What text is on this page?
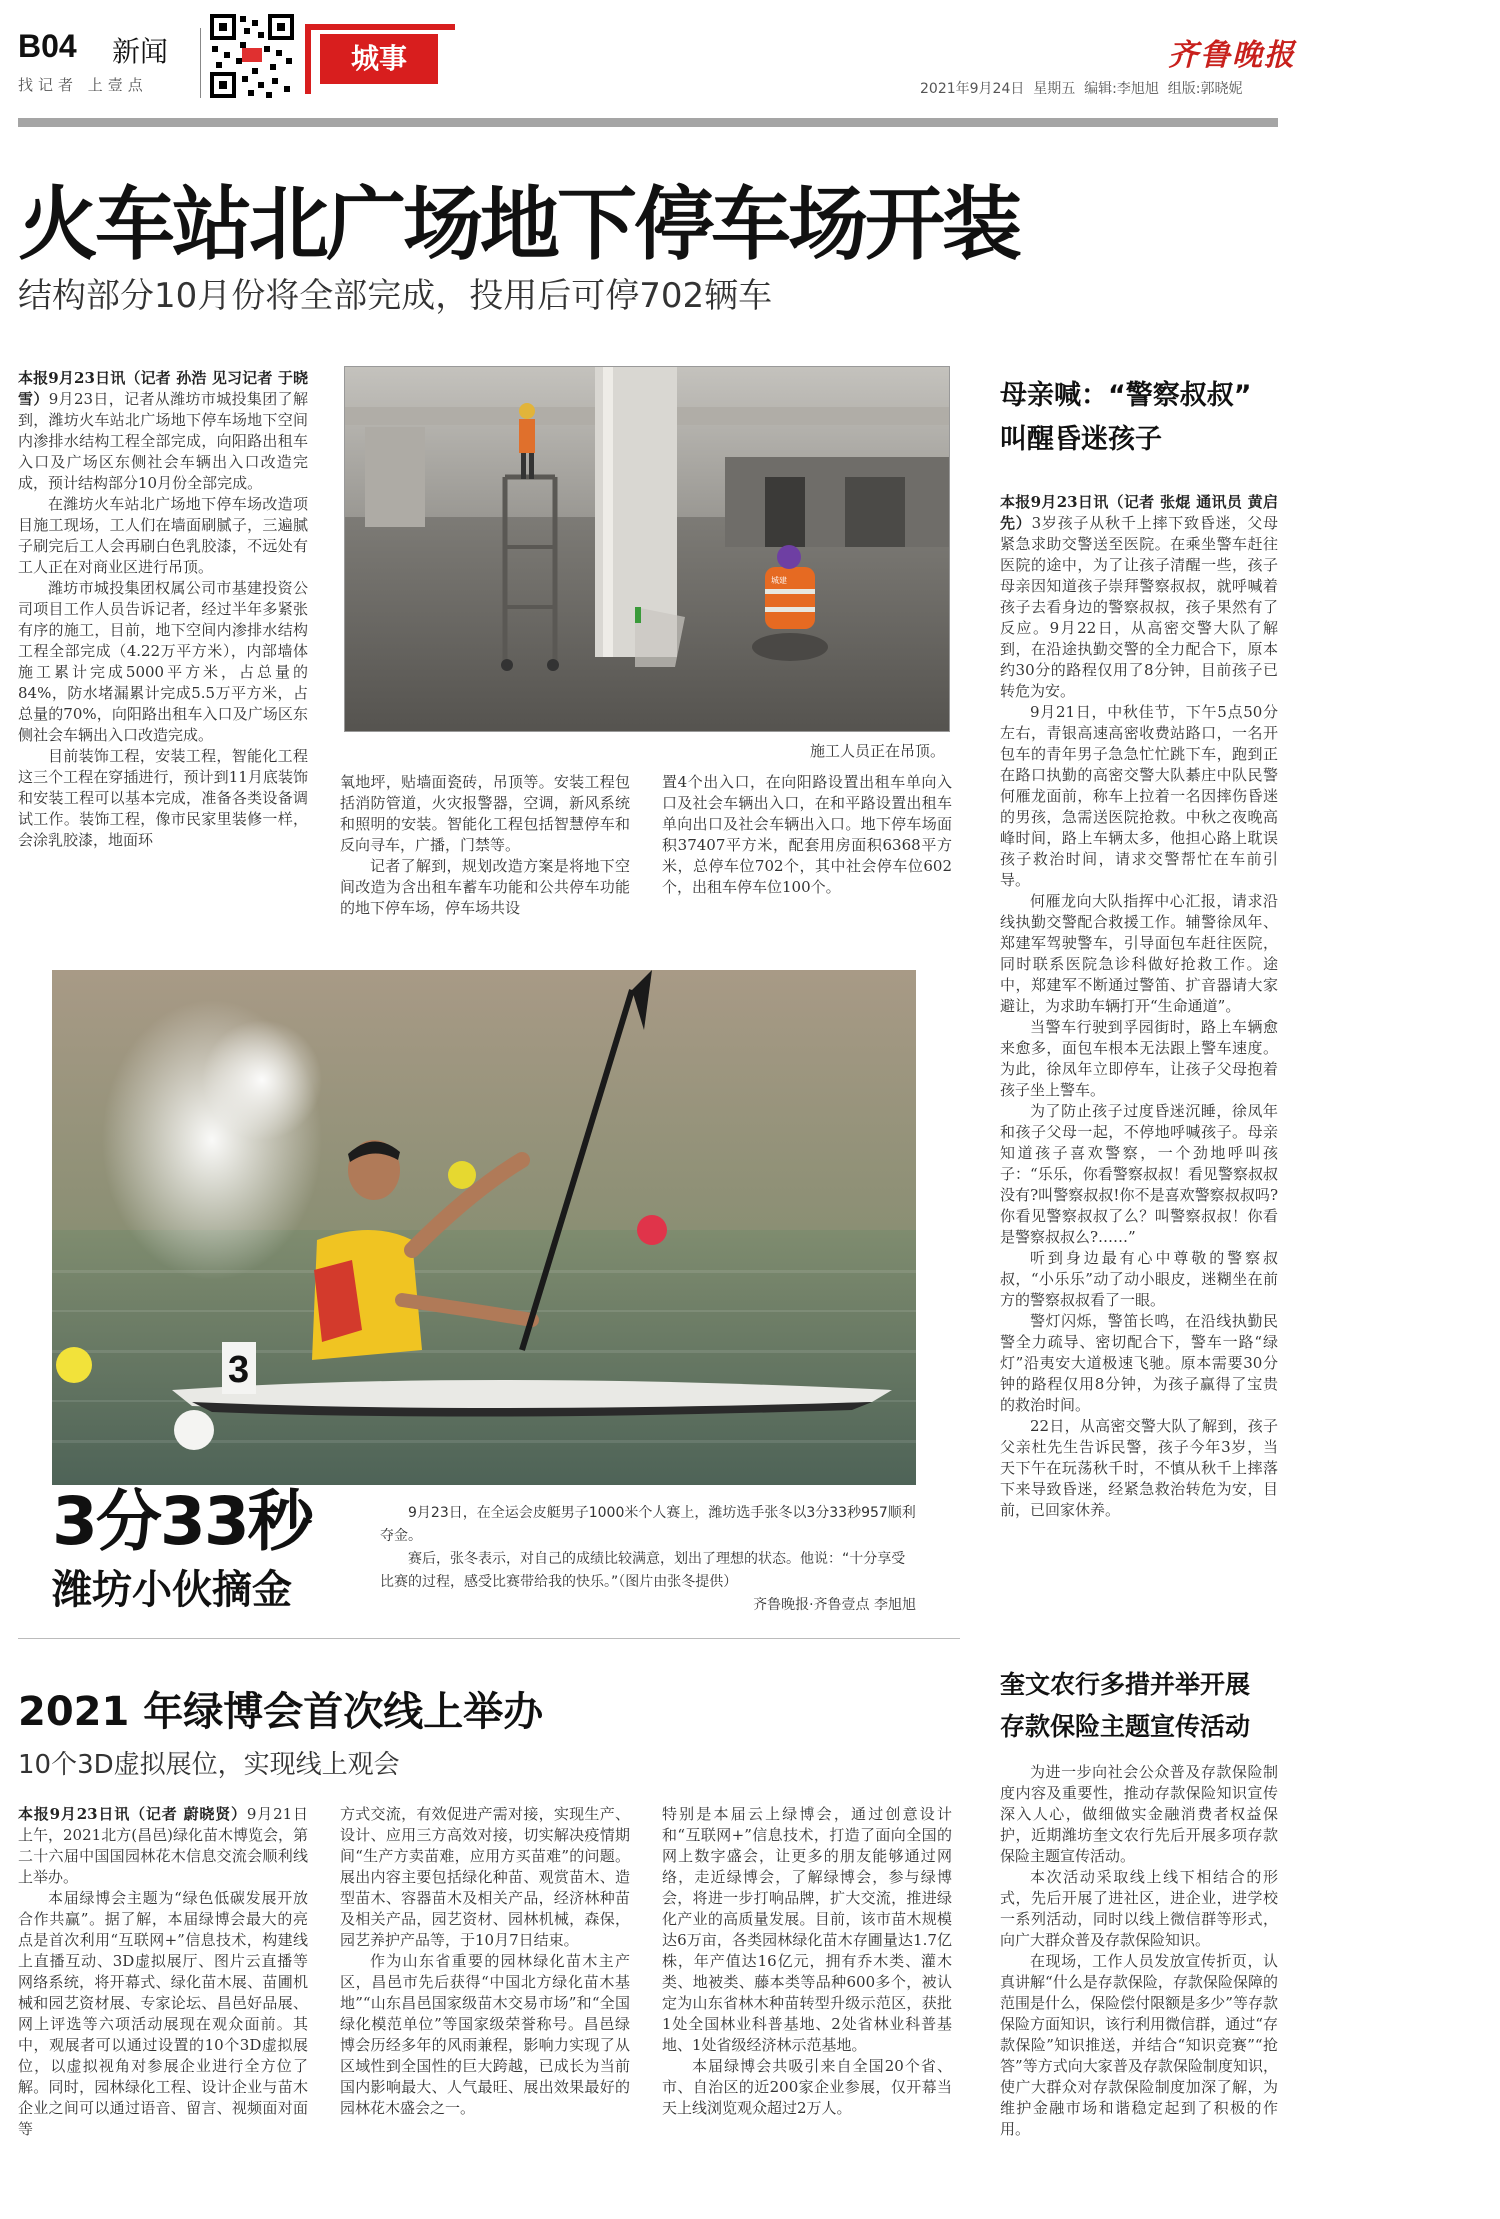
B04 新闻
找记者 上壹点
城事
2021年9月24日  星期五  编辑:李旭旭  组版:郭晓妮
齐鲁晚报
火车站北广场地下停车场开装
结构部分10月份将全部完成，投用后可停702辆车

本报9月23日讯（记者 孙浩 见习记者 于晓雪）9月23日，记者从潍坊市城投集团了解到，潍坊火车站北广场地下停车场地下空间内渗排水结构工程全部完成，向阳路出租车入口及广场区东侧社会车辆出入口改造完成，预计结构部分10月份全部完成。

在潍坊火车站北广场地下停车场改造项目施工现场，工人们在墙面刷腻子，三遍腻子刷完后工人会再刷白色乳胶漆，不远处有工人正在对商业区进行吊顶。

潍坊市城投集团权属公司市基建投资公司项目工作人员告诉记者，经过半年多紧张有序的施工，目前，地下空间内渗排水结构工程全部完成（4.22万平方米），内部墙体施工累计完成5000平方米，占总量的84%，防水堵漏累计完成5.5万平方米，占总量的70%，向阳路出租车入口及广场区东侧社会车辆出入口改造完成。

目前装饰工程，安装工程，智能化工程这三个工程在穿插进行，预计到11月底装饰和安装工程可以基本完成，准备各类设备调试工作。装饰工程，像市民家里装修一样，会涂乳胶漆，地面环

城建
施工人员正在吊顶。

氧地坪，贴墙面瓷砖，吊顶等。安装工程包括消防管道，火灾报警器，空调，新风系统和照明的安装。智能化工程包括智慧停车和反向寻车，广播，门禁等。

记者了解到，规划改造方案是将地下空间改造为含出租车蓄车功能和公共停车功能的地下停车场，停车场共设

置4个出入口，在向阳路设置出租车单向入口及社会车辆出入口，在和平路设置出租车单向出口及社会车辆出入口。地下停车场面积37407平方米，配套用房面积6368平方米，总停车位702个，其中社会停车位602个，出租车停车位100个。

母亲喊：“警察叔叔”
叫醒昏迷孩子

本报9月23日讯（记者 张焜 通讯员 黄启先）3岁孩子从秋千上摔下致昏迷，父母紧急求助交警送至医院。在乘坐警车赶往医院的途中，为了让孩子清醒一些，孩子母亲因知道孩子崇拜警察叔叔，就呼喊着孩子去看身边的警察叔叔，孩子果然有了反应。9月22日，从高密交警大队了解到，在沿途执勤交警的全力配合下，原本约30分的路程仅用了8分钟，目前孩子已转危为安。

9月21日，中秋佳节，下午5点50分左右，青银高速高密收费站路口，一名开包车的青年男子急急忙忙跳下车，跑到正在路口执勤的高密交警大队綦庄中队民警何雁龙面前，称车上拉着一名因摔伤昏迷的男孩，急需送医院抢救。中秋之夜晚高峰时间，路上车辆太多，他担心路上耽误孩子救治时间，请求交警帮忙在车前引导。

何雁龙向大队指挥中心汇报，请求沿线执勤交警配合救援工作。辅警徐凤年、郑建军驾驶警车，引导面包车赶往医院，同时联系医院急诊科做好抢救工作。途中，郑建军不断通过警笛、扩音器请大家避让，为求助车辆打开“生命通道”。

当警车行驶到孚园街时，路上车辆愈来愈多，面包车根本无法跟上警车速度。为此，徐凤年立即停车，让孩子父母抱着孩子坐上警车。

为了防止孩子过度昏迷沉睡，徐凤年和孩子父母一起，不停地呼喊孩子。母亲知道孩子喜欢警察，一个劲地呼叫孩子：“乐乐，你看警察叔叔！看见警察叔叔没有?叫警察叔叔!你不是喜欢警察叔叔吗?你看见警察叔叔了么？叫警察叔叔！你看是警察叔叔么?……”

听到身边最有心中尊敬的警察叔叔，“小乐乐”动了动小眼皮，迷糊坐在前方的警察叔叔看了一眼。

警灯闪烁，警笛长鸣，在沿线执勤民警全力疏导、密切配合下，警车一路“绿灯”沿夷安大道极速飞驰。原本需要30分钟的路程仅用8分钟，为孩子赢得了宝贵的救治时间。

22日，从高密交警大队了解到，孩子父亲杜先生告诉民警，孩子今年3岁，当天下午在玩荡秋千时，不慎从秋千上摔落下来导致昏迷，经紧急救治转危为安，目前，已回家休养。

3
3分33秒
潍坊小伙摘金

9月23日，在全运会皮艇男子1000米个人赛上，潍坊选手张冬以3分33秒957顺利夺金。

赛后，张冬表示，对自己的成绩比较满意，划出了理想的状态。他说：“十分享受比赛的过程，感受比赛带给我的快乐。”（图片由张冬提供）

齐鲁晚报·齐鲁壹点 李旭旭

2021 年绿博会首次线上举办
10个3D虚拟展位，实现线上观会

本报9月23日讯（记者 蔚晓贤）9月21日上午，2021北方(昌邑)绿化苗木博览会，第二十六届中国国园林花木信息交流会顺利线上举办。

本届绿博会主题为“绿色低碳发展开放合作共赢”。据了解，本届绿博会最大的亮点是首次利用“互联网+”信息技术，构建线上直播互动、3D虚拟展厅、图片云直播等网络系统，将开幕式、绿化苗木展、苗圃机械和园艺资材展、专家论坛、昌邑好品展、网上评选等六项活动展现在观众面前。其中，观展者可以通过设置的10个3D虚拟展位，以虚拟视角对参展企业进行全方位了解。同时，园林绿化工程、设计企业与苗木企业之间可以通过语音、留言、视频面对面等

方式交流，有效促进产需对接，实现生产、设计、应用三方高效对接，切实解决疫情期间“生产方卖苗难，应用方买苗难”的问题。展出内容主要包括绿化种苗、观赏苗木、造型苗木、容器苗木及相关产品，经济林种苗及相关产品，园艺资材、园林机械，森保，园艺养护产品等，于10月7日结束。

作为山东省重要的园林绿化苗木主产区，昌邑市先后获得“中国北方绿化苗木基地”“山东昌邑国家级苗木交易市场”和“全国绿化模范单位”等国家级荣誉称号。昌邑绿博会历经多年的风雨兼程，影响力实现了从区域性到全国性的巨大跨越，已成长为当前国内影响最大、人气最旺、展出效果最好的园林花木盛会之一。

特别是本届云上绿博会，通过创意设计和“互联网+”信息技术，打造了面向全国的网上数字盛会，让更多的朋友能够通过网络，走近绿博会，了解绿博会，参与绿博会，将进一步打响品牌，扩大交流，推进绿化产业的高质量发展。目前，该市苗木规模达6万亩，各类园林绿化苗木存圃量达1.7亿株，年产值达16亿元，拥有乔木类、灌木类、地被类、藤本类等品种600多个，被认定为山东省林木种苗转型升级示范区，获批1处全国林业科普基地、2处省林业科普基地、1处省级经济林示范基地。

本届绿博会共吸引来自全国20个省、市、自治区的近200家企业参展，仅开幕当天上线浏览观众超过2万人。

奎文农行多措并举开展
存款保险主题宣传活动

为进一步向社会公众普及存款保险制度内容及重要性，推动存款保险知识宣传深入人心，做细做实金融消费者权益保护，近期潍坊奎文农行先后开展多项存款保险主题宣传活动。

本次活动采取线上线下相结合的形式，先后开展了进社区，进企业，进学校一系列活动，同时以线上微信群等形式，向广大群众普及存款保险知识。

在现场，工作人员发放宣传折页，认真讲解“什么是存款保险，存款保险保障的范围是什么，保险偿付限额是多少”等存款保险方面知识，该行利用微信群，通过“存款保险”知识推送，并结合“知识竞赛”“抢答”等方式向大家普及存款保险制度知识，使广大群众对存款保险制度加深了解，为维护金融市场和谐稳定起到了积极的作用。
